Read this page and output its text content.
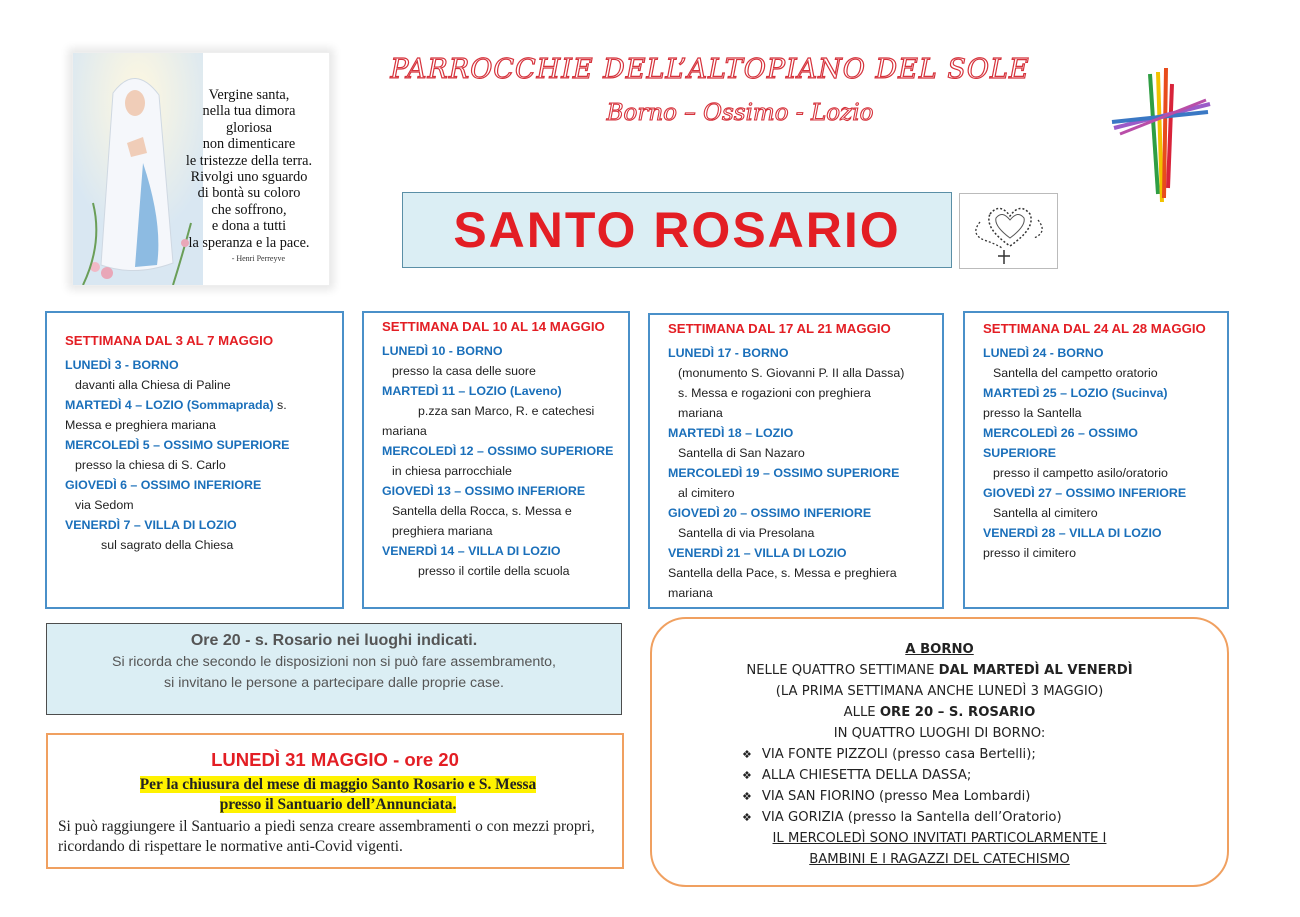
Vergine santa,
nella tua dimora
gloriosa
non dimenticare
le tristezze della terra.
Rivolgi uno sguardo
di bontà su coloro
che soffrono,
e dona a tutti
la speranza e la pace.
- Henri Perreyve
PARROCCHIE DELL’ALTOPIANO DEL SOLE
Borno – Ossimo - Lozio
SANTO ROSARIO
SETTIMANA DAL 3 AL 7 MAGGIO
LUNEDÌ 3 - BORNO
davanti alla Chiesa di Paline
MARTEDÌ 4 – LOZIO (Sommaprada) s.
Messa e preghiera mariana
MERCOLEDÌ 5 – OSSIMO SUPERIORE
presso la chiesa di S. Carlo
GIOVEDÌ 6 – OSSIMO INFERIORE
via Sedom
VENERDÌ 7 – VILLA DI LOZIO
sul sagrato della Chiesa
SETTIMANA DAL 10 AL 14 MAGGIO
LUNEDÌ 10 - BORNO
presso la casa delle suore
MARTEDÌ 11 – LOZIO (Laveno)
p.zza san Marco, R. e catechesi
mariana
MERCOLEDÌ 12 – OSSIMO SUPERIORE
in chiesa parrocchiale
GIOVEDÌ 13 – OSSIMO INFERIORE
Santella della Rocca, s. Messa e
preghiera mariana
VENERDÌ 14 – VILLA DI LOZIO
presso il cortile della scuola
SETTIMANA DAL 17 AL 21 MAGGIO
LUNEDÌ 17 - BORNO
(monumento S. Giovanni P. II alla Dassa)
s. Messa e rogazioni con preghiera
mariana
MARTEDÌ 18 – LOZIO
Santella di San Nazaro
MERCOLEDÌ 19 – OSSIMO SUPERIORE
al cimitero
GIOVEDÌ 20 – OSSIMO INFERIORE
Santella di via Presolana
VENERDÌ 21 – VILLA DI LOZIO
Santella della Pace, s. Messa e preghiera
mariana
SETTIMANA DAL 24 AL 28 MAGGIO
LUNEDÌ 24 - BORNO
Santella del campetto oratorio
MARTEDÌ 25 – LOZIO (Sucinva)
presso la Santella
MERCOLEDÌ 26 – OSSIMO
SUPERIORE
presso il campetto asilo/oratorio
GIOVEDÌ 27 – OSSIMO INFERIORE
Santella al cimitero
VENERDÌ 28 – VILLA DI LOZIO
presso il cimitero
Ore 20 - s. Rosario nei luoghi indicati.
Si ricorda che secondo le disposizioni non si può fare assembramento,
si invitano le persone a partecipare dalle proprie case.
LUNEDÌ 31 MAGGIO - ore 20
Per la chiusura del mese di maggio Santo Rosario e S. Messa
presso il Santuario dell’Annunciata.
Si può raggiungere il Santuario a piedi senza creare assembramenti o con mezzi propri, ricordando di rispettare le normative anti-Covid vigenti.
A BORNO
NELLE QUATTRO SETTIMANE DAL MARTEDÌ AL VENERDÌ
(LA PRIMA SETTIMANA ANCHE LUNEDÌ 3 MAGGIO)
ALLE ORE 20 – S. ROSARIO
IN QUATTRO LUOGHI DI BORNO:
❖ VIA FONTE PIZZOLI (presso casa Bertelli);
❖ ALLA CHIESETTA DELLA DASSA;
❖ VIA SAN FIORINO (presso Mea Lombardi)
❖ VIA GORIZIA (presso la Santella dell’Oratorio)
IL MERCOLEDÌ SONO INVITATI PARTICOLARMENTE I
BAMBINI E I RAGAZZI DEL CATECHISMO
